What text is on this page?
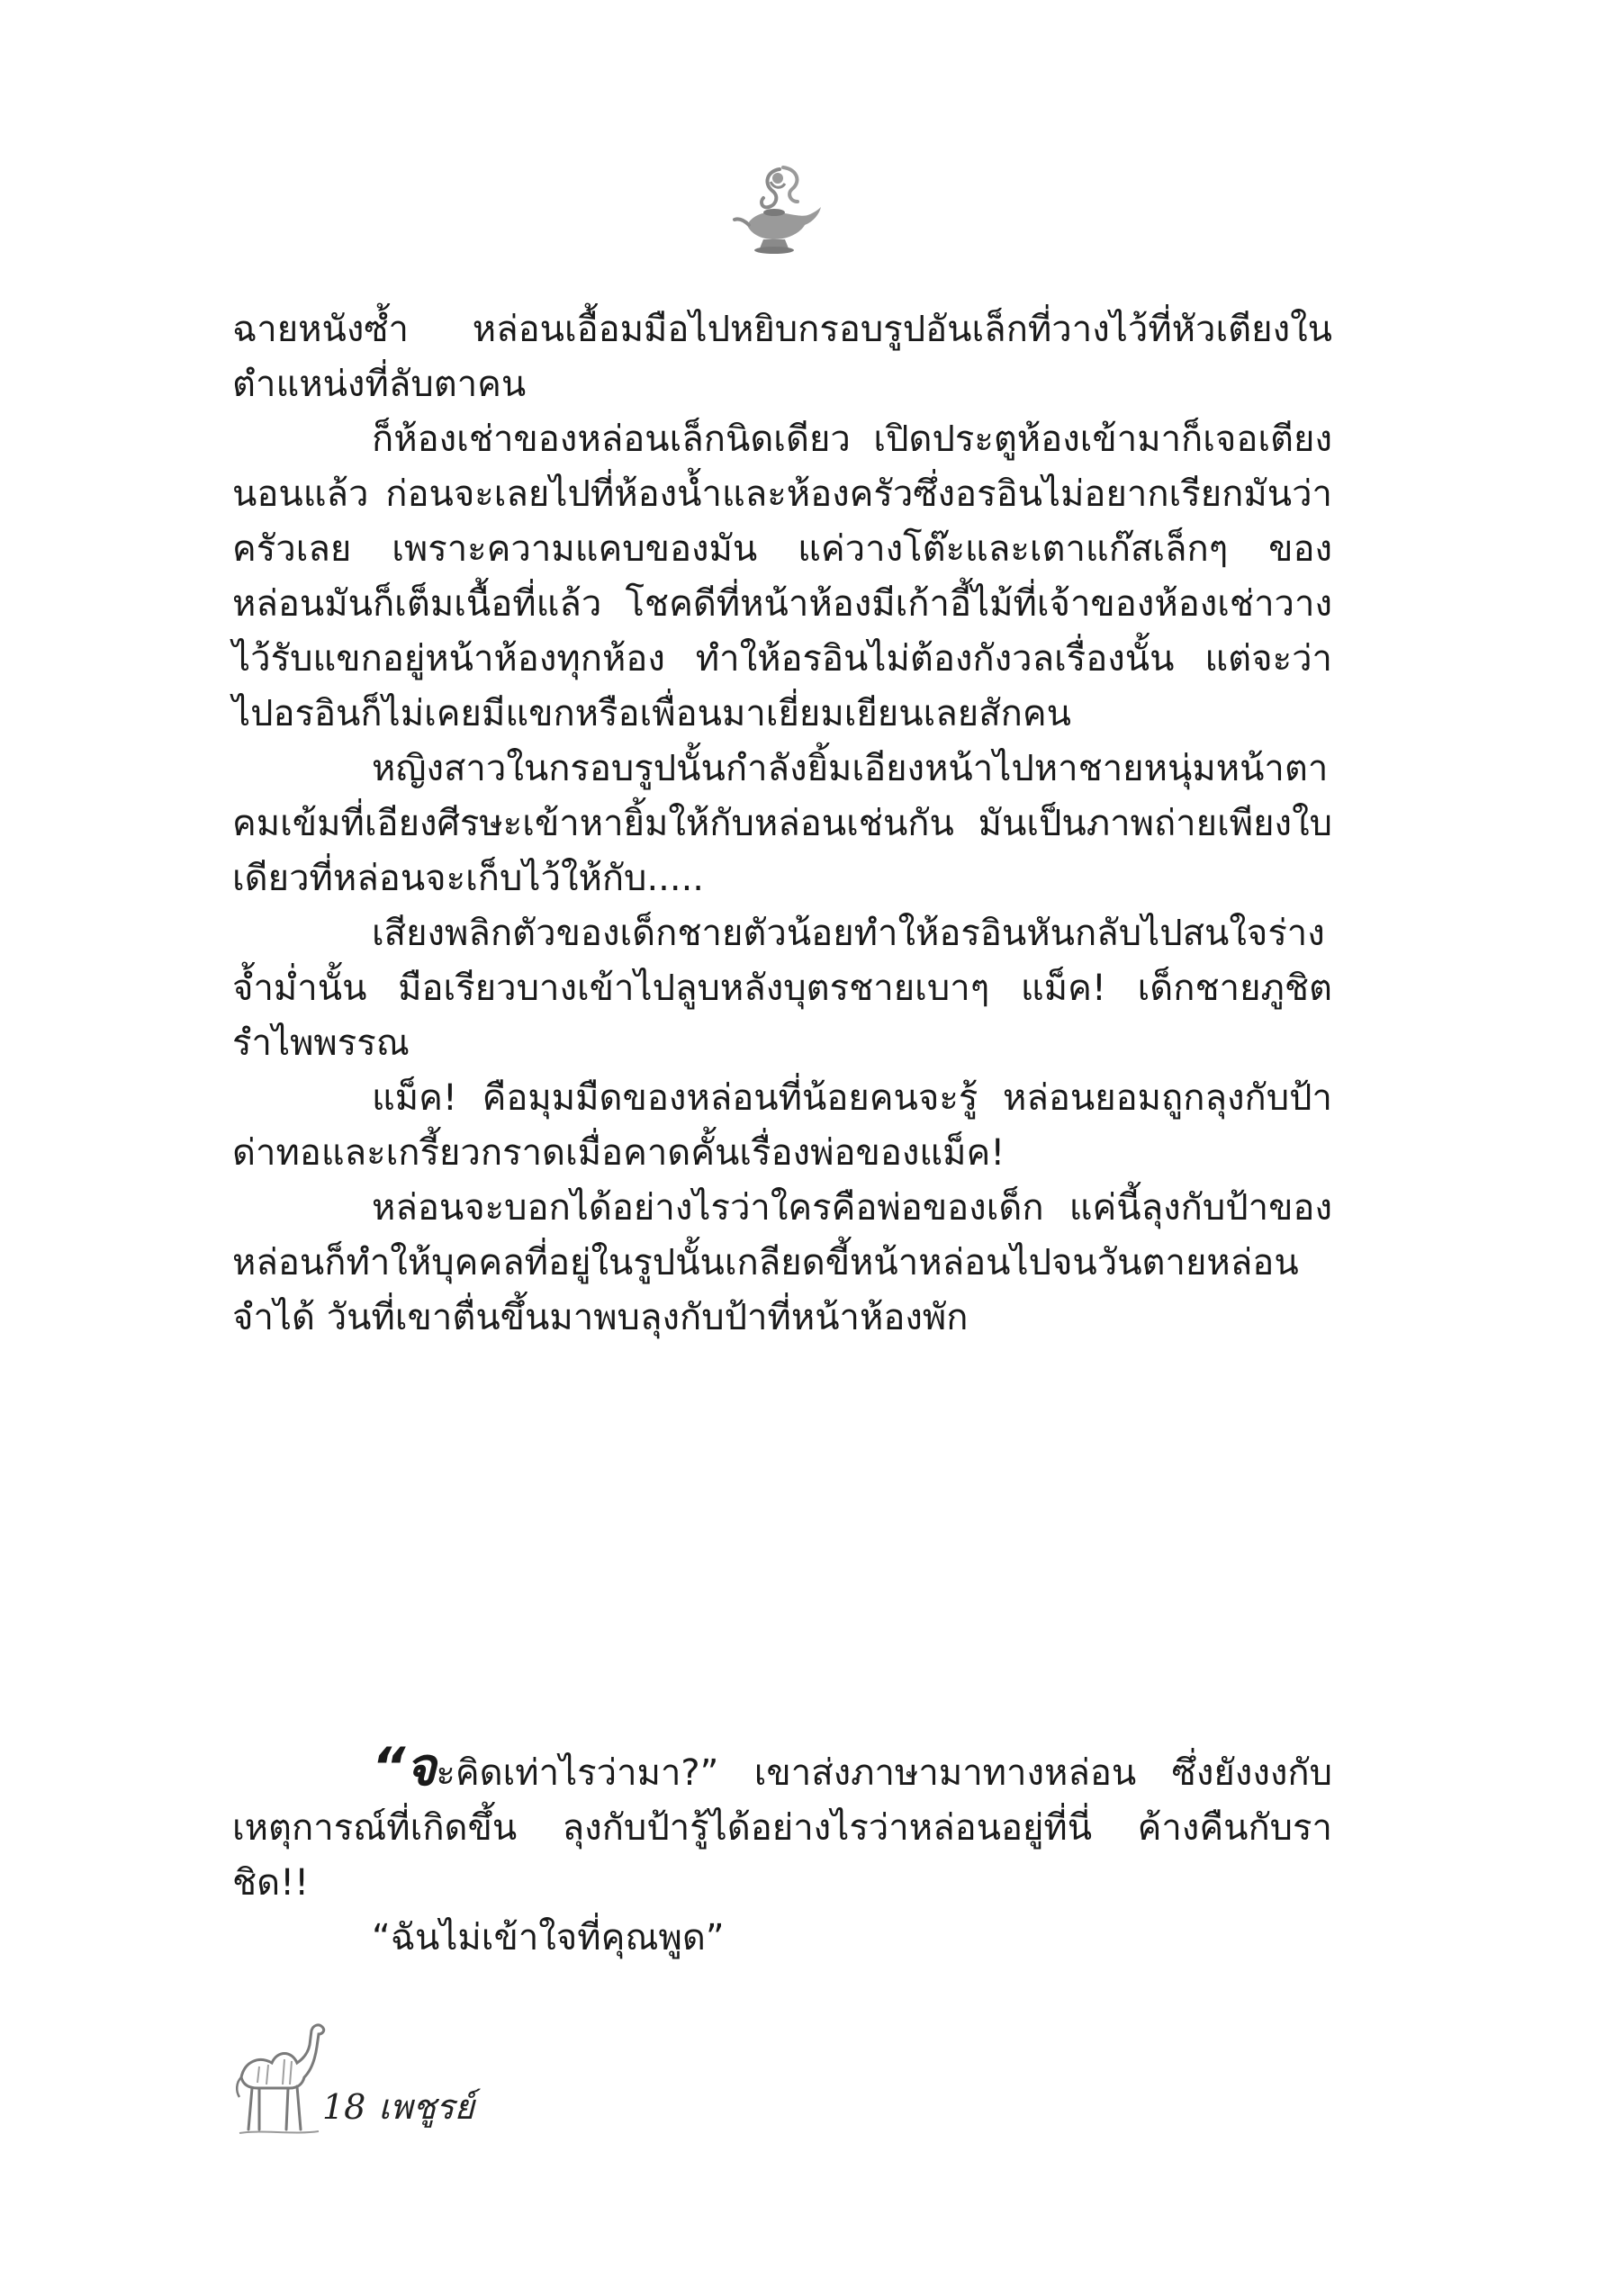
ฉายหนังซ้ำ หล่อนเอื้อมมือไปหยิบกรอบรูปอันเล็กที่วางไว้ที่หัวเตียงในตำแหน่งที่ลับตาคน

ก็ห้องเช่าของหล่อนเล็กนิดเดียว เปิดประตูห้องเข้ามาก็เจอเตียงนอนแล้ว ก่อนจะเลยไปที่ห้องน้ำและห้องครัวซึ่งอรอินไม่อยากเรียกมันว่าครัวเลย เพราะความแคบของมัน แค่วางโต๊ะและเตาแก๊สเล็กๆ ของหล่อนมันก็เต็มเนื้อที่แล้ว โชคดีที่หน้าห้องมีเก้าอี้ไม้ที่เจ้าของห้องเช่าวางไว้รับแขกอยู่หน้าห้องทุกห้อง ทำให้อรอินไม่ต้องกังวลเรื่องนั้น แต่จะว่าไปอรอินก็ไม่เคยมีแขกหรือเพื่อนมาเยี่ยมเยียนเลยสักคน

หญิงสาวในกรอบรูปนั้นกำลังยิ้มเอียงหน้าไปหาชายหนุ่มหน้าตาคมเข้มที่เอียงศีรษะเข้าหายิ้มให้กับหล่อนเช่นกัน มันเป็นภาพถ่ายเพียงใบเดียวที่หล่อนจะเก็บไว้ให้กับ.....

เสียงพลิกตัวของเด็กชายตัวน้อยทำให้อรอินหันกลับไปสนใจร่างจ้ำม่ำนั้น มือเรียวบางเข้าไปลูบหลังบุตรชายเบาๆ แม็ค! เด็กชายภูชิต รำไพพรรณ

แม็ค! คือมุมมืดของหล่อนที่น้อยคนจะรู้ หล่อนยอมถูกลุงกับป้าด่าทอและเกรี้ยวกราดเมื่อคาดคั้นเรื่องพ่อของแม็ค!

หล่อนจะบอกได้อย่างไรว่าใครคือพ่อของเด็ก แค่นี้ลุงกับป้าของหล่อนก็ทำให้บุคคลที่อยู่ในรูปนั้นเกลียดขี้หน้าหล่อนไปจนวันตายหล่อนจำได้ วันที่เขาตื่นขึ้นมาพบลุงกับป้าที่หน้าห้องพัก

“จะคิดเท่าไรว่ามา?” เขาส่งภาษามาทางหล่อน ซึ่งยังงงกับเหตุการณ์ที่เกิดขึ้น ลุงกับป้ารู้ได้อย่างไรว่าหล่อนอยู่ที่นี่ ค้างคืนกับราชิด!!

“ฉันไม่เข้าใจที่คุณพูด”

18 เพชูรย์
